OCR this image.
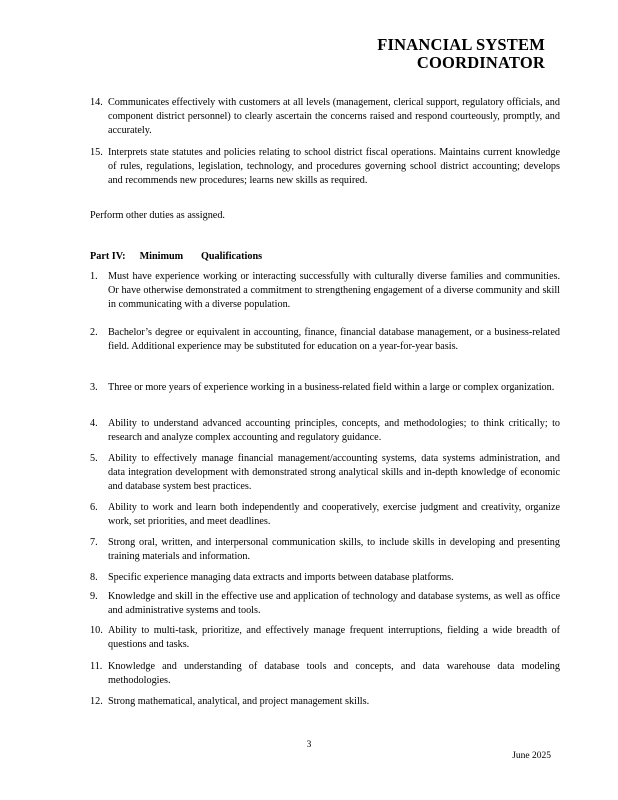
FINANCIAL SYSTEM
COORDINATOR
14. Communicates effectively with customers at all levels (management, clerical support, regulatory officials, and component district personnel) to clearly ascertain the concerns raised and respond courteously, promptly, and accurately.
15. Interprets state statutes and policies relating to school district fiscal operations. Maintains current knowledge of rules, regulations, legislation, technology, and procedures governing school district accounting; develops and recommends new procedures; learns new skills as required.
Perform other duties as assigned.
Part IV: Minimum       Qualifications
1. Must have experience working or interacting successfully with culturally diverse families and communities. Or have otherwise demonstrated a commitment to strengthening engagement of a diverse community and skill in communicating with a diverse population.
2. Bachelor’s degree or equivalent in accounting, finance, financial database management, or a business-related field. Additional experience may be substituted for education on a year-for-year basis.
3. Three or more years of experience working in a business-related field within a large or complex organization.
4. Ability to understand advanced accounting principles, concepts, and methodologies; to think critically; to research and analyze complex accounting and regulatory guidance.
5. Ability to effectively manage financial management/accounting systems, data systems administration, and data integration development with demonstrated strong analytical skills and in-depth knowledge of economic and database system best practices.
6. Ability to work and learn both independently and cooperatively, exercise judgment and creativity, organize work, set priorities, and meet deadlines.
7. Strong oral, written, and interpersonal communication skills, to include skills in developing and presenting training materials and information.
8. Specific experience managing data extracts and imports between database platforms.
9. Knowledge and skill in the effective use and application of technology and database systems, as well as office and administrative systems and tools.
10. Ability to multi-task, prioritize, and effectively manage frequent interruptions, fielding a wide breadth of questions and tasks.
11. Knowledge and understanding of database tools and concepts, and data warehouse data modeling methodologies.
12. Strong mathematical, analytical, and project management skills.
3
June 2025
